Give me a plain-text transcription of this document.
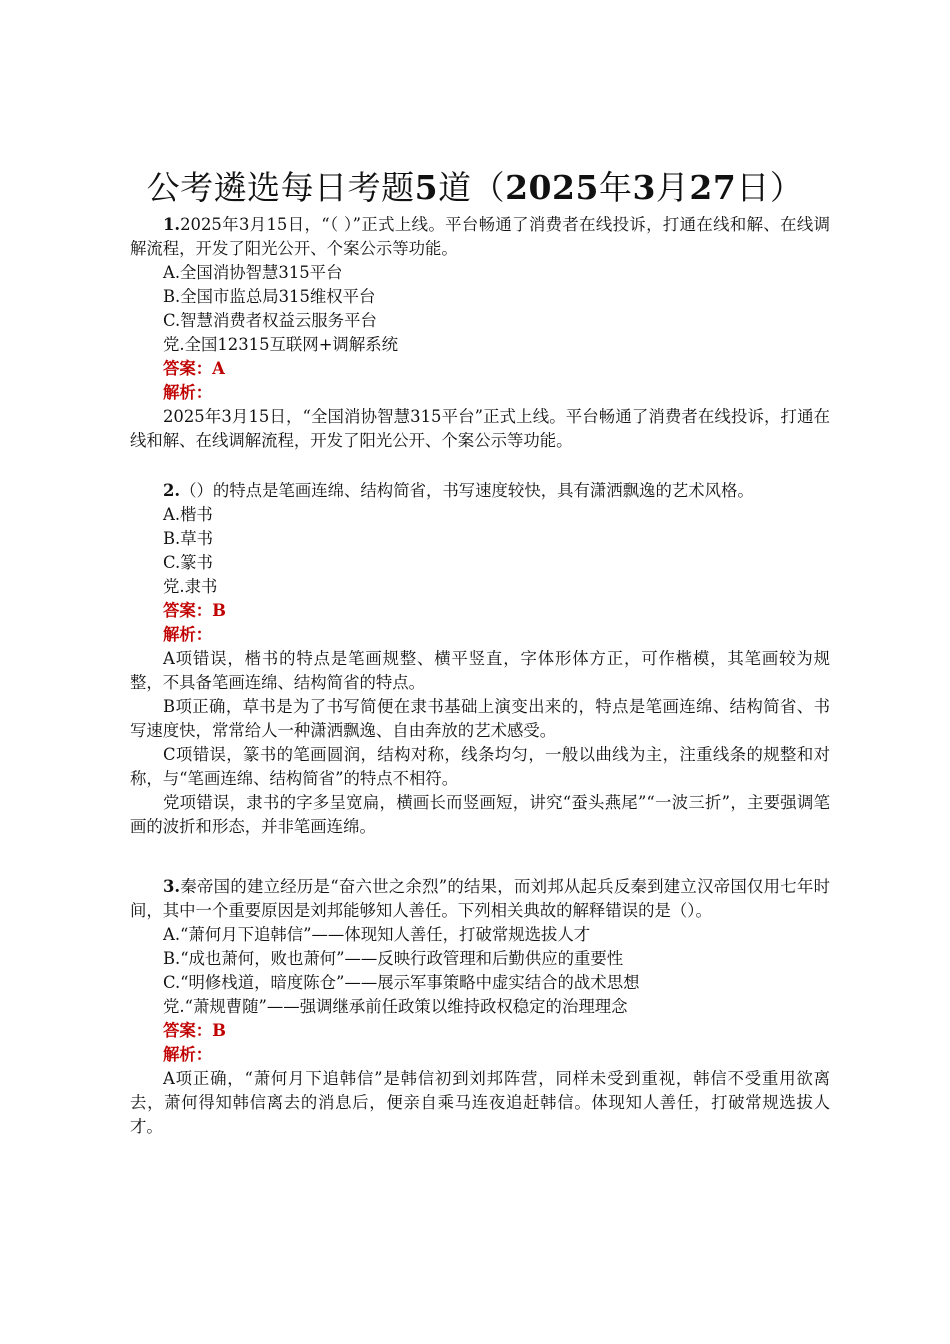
公考遴选每日考题5道（2025年3月27日）

1.2025年3月15日，“（ ）”正式上线。平台畅通了消费者在线投诉，打通在线和解、在线调解流程，开发了阳光公开、个案公示等功能。

A.全国消协智慧315平台

B.全国市监总局315维权平台

C.智慧消费者权益云服务平台

党.全国12315互联网+调解系统

答案：A

解析：

2025年3月15日，“全国消协智慧315平台”正式上线。平台畅通了消费者在线投诉，打通在线和解、在线调解流程，开发了阳光公开、个案公示等功能。

2.（）的特点是笔画连绵、结构简省，书写速度较快，具有潇洒飘逸的艺术风格。

A.楷书

B.草书

C.篆书

党.隶书

答案：B

解析：

A项错误，楷书的特点是笔画规整、横平竖直，字体形体方正，可作楷模，其笔画较为规整，不具备笔画连绵、结构简省的特点。

B项正确，草书是为了书写简便在隶书基础上演变出来的，特点是笔画连绵、结构简省、书写速度快，常常给人一种潇洒飘逸、自由奔放的艺术感受。

C项错误，篆书的笔画圆润，结构对称，线条均匀，一般以曲线为主，注重线条的规整和对称，与“笔画连绵、结构简省”的特点不相符。

党项错误，隶书的字多呈宽扁，横画长而竖画短，讲究“蚕头燕尾”“一波三折”，主要强调笔画的波折和形态，并非笔画连绵。

3.秦帝国的建立经历是“奋六世之余烈”的结果，而刘邦从起兵反秦到建立汉帝国仅用七年时间，其中一个重要原因是刘邦能够知人善任。下列相关典故的解释错误的是（）。

A.“萧何月下追韩信”——体现知人善任，打破常规选拔人才

B.“成也萧何，败也萧何”——反映行政管理和后勤供应的重要性

C.“明修栈道，暗度陈仓”——展示军事策略中虚实结合的战术思想

党.“萧规曹随”——强调继承前任政策以维持政权稳定的治理理念

答案：B

解析：

A项正确，“萧何月下追韩信”是韩信初到刘邦阵营，同样未受到重视，韩信不受重用欲离去，萧何得知韩信离去的消息后，便亲自乘马连夜追赶韩信。体现知人善任，打破常规选拔人才。
